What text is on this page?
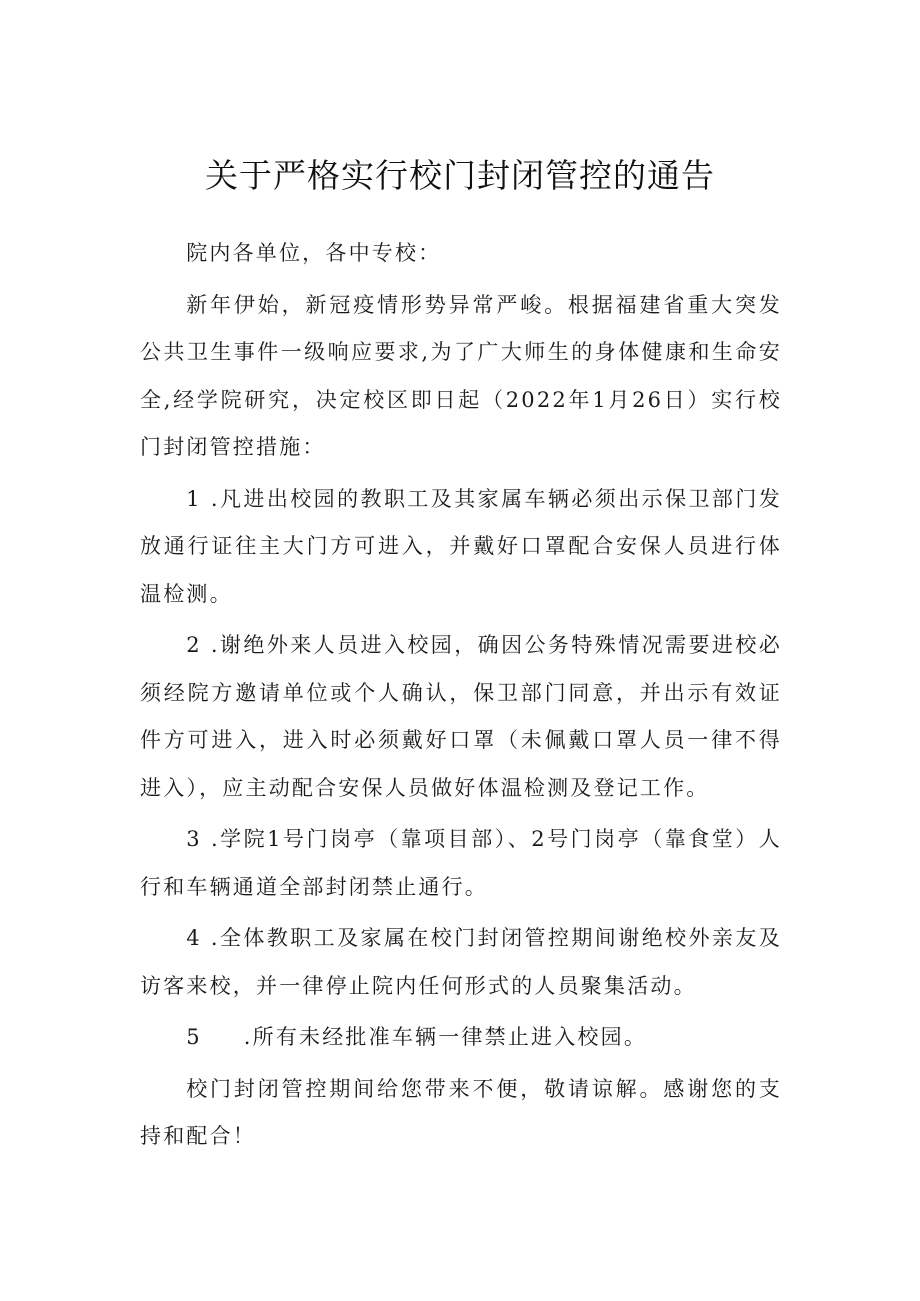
关于严格实行校门封闭管控的通告

院内各单位，各中专校：

新年伊始，新冠疫情形势异常严峻。根据福建省重大突发公共卫生事件一级响应要求,为了广大师生的身体健康和生命安全,经学院研究，决定校区即日起（2022年1月26日）实行校门封闭管控措施：

1 .凡进出校园的教职工及其家属车辆必须出示保卫部门发放通行证往主大门方可进入，并戴好口罩配合安保人员进行体温检测。

2 .谢绝外来人员进入校园，确因公务特殊情况需要进校必须经院方邀请单位或个人确认，保卫部门同意，并出示有效证件方可进入，进入时必须戴好口罩（未佩戴口罩人员一律不得进入），应主动配合安保人员做好体温检测及登记工作。

3 .学院1号门岗亭（靠项目部）、2号门岗亭（靠食堂）人行和车辆通道全部封闭禁止通行。

4 .全体教职工及家属在校门封闭管控期间谢绝校外亲友及访客来校，并一律停止院内任何形式的人员聚集活动。

5 .所有未经批准车辆一律禁止进入校园。

校门封闭管控期间给您带来不便，敬请谅解。感谢您的支持和配合！
